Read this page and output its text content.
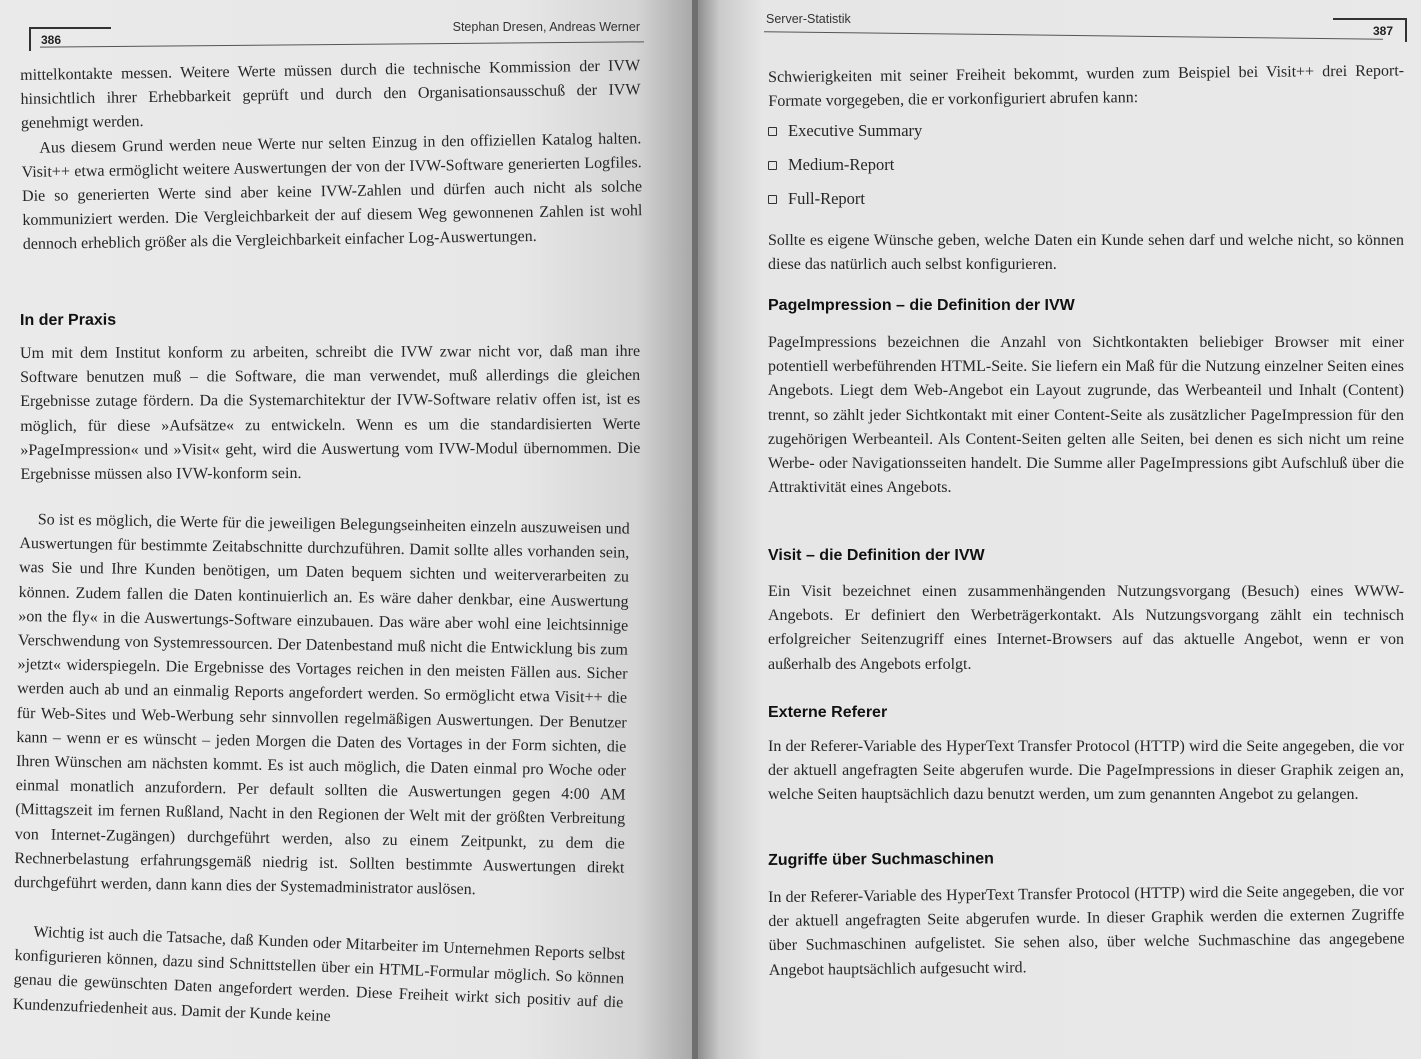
386
Stephan Dresen, Andreas Werner

mittelkontakte messen. Weitere Werte müssen durch die technische Kommission der IVW hinsichtlich ihrer Erhebbarkeit geprüft und durch den Organisationsausschuß der IVW genehmigt werden.

Aus diesem Grund werden neue Werte nur selten Einzug in den offiziellen Katalog halten. Visit++ etwa ermöglicht weitere Auswertungen der von der IVW-Software generierten Logfiles. Die so generierten Werte sind aber keine IVW-Zahlen und dürfen auch nicht als solche kommuniziert werden. Die Vergleichbarkeit der auf diesem Weg gewonnenen Zahlen ist wohl dennoch erheblich größer als die Vergleichbarkeit einfacher Log-Auswertungen.

In der Praxis

Um mit dem Institut konform zu arbeiten, schreibt die IVW zwar nicht vor, daß man ihre Software benutzen muß – die Software, die man verwendet, muß allerdings die gleichen Ergebnisse zutage fördern. Da die Systemarchitektur der IVW-Software relativ offen ist, ist es möglich, für diese »Aufsätze« zu entwickeln. Wenn es um die standardisierten Werte »PageImpression« und »Visit« geht, wird die Auswertung vom IVW-Modul übernommen. Die Ergebnisse müssen also IVW-konform sein.

So ist es möglich, die Werte für die jeweiligen Belegungseinheiten einzeln auszuweisen und Auswertungen für bestimmte Zeitabschnitte durchzuführen. Damit sollte alles vorhanden sein, was Sie und Ihre Kunden benötigen, um Daten bequem sichten und weiterverarbeiten zu können. Zudem fallen die Daten kontinuierlich an. Es wäre daher denkbar, eine Auswertung »on the fly« in die Auswertungs-Software einzubauen. Das wäre aber wohl eine leichtsinnige Verschwendung von Systemressourcen. Der Datenbestand muß nicht die Entwicklung bis zum »jetzt« widerspiegeln. Die Ergebnisse des Vortages reichen in den meisten Fällen aus. Sicher werden auch ab und an einmalig Reports angefordert werden. So ermöglicht etwa Visit++ die für Web-Sites und Web-Werbung sehr sinnvollen regelmäßigen Auswertungen. Der Benutzer kann – wenn er es wünscht – jeden Morgen die Daten des Vortages in der Form sichten, die Ihren Wünschen am nächsten kommt. Es ist auch möglich, die Daten einmal pro Woche oder einmal monatlich anzufordern. Per default sollten die Auswertungen gegen 4:00 AM (Mittagszeit im fernen Rußland, Nacht in den Regionen der Welt mit der größten Verbreitung von Internet-Zugängen) durchgeführt werden, also zu einem Zeitpunkt, zu dem die Rechnerbelastung erfahrungsgemäß niedrig ist. Sollten bestimmte Auswertungen direkt durchgeführt werden, dann kann dies der Systemadministrator auslösen.

Wichtig ist auch die Tatsache, daß Kunden oder Mitarbeiter im Unternehmen Reports selbst konfigurieren können, dazu sind Schnittstellen über ein HTML-Formular möglich. So können genau die gewünschten Daten angefordert werden. Diese Freiheit wirkt sich positiv auf die Kundenzufriedenheit aus. Damit der Kunde keine

Server-Statistik
387

Schwierigkeiten mit seiner Freiheit bekommt, wurden zum Beispiel bei Visit++ drei Report-Formate vorgegeben, die er vorkonfiguriert abrufen kann:

Executive Summary
Medium-Report
Full-Report

Sollte es eigene Wünsche geben, welche Daten ein Kunde sehen darf und welche nicht, so können diese das natürlich auch selbst konfigurieren.

PageImpression – die Definition der IVW

PageImpressions bezeichnen die Anzahl von Sichtkontakten beliebiger Browser mit einer potentiell werbeführenden HTML-Seite. Sie liefern ein Maß für die Nutzung einzelner Seiten eines Angebots. Liegt dem Web-Angebot ein Layout zugrunde, das Werbeanteil und Inhalt (Content) trennt, so zählt jeder Sichtkontakt mit einer Content-Seite als zusätzlicher PageImpression für den zugehörigen Werbeanteil. Als Content-Seiten gelten alle Seiten, bei denen es sich nicht um reine Werbe- oder Navigationsseiten handelt. Die Summe aller PageImpressions gibt Aufschluß über die Attraktivität eines Angebots.

Visit – die Definition der IVW

Ein Visit bezeichnet einen zusammenhängenden Nutzungsvorgang (Besuch) eines WWW-Angebots. Er definiert den Werbeträgerkontakt. Als Nutzungsvorgang zählt ein technisch erfolgreicher Seitenzugriff eines Internet-Browsers auf das aktuelle Angebot, wenn er von außerhalb des Angebots erfolgt.

Externe Referer

In der Referer-Variable des HyperText Transfer Protocol (HTTP) wird die Seite angegeben, die vor der aktuell angefragten Seite abgerufen wurde. Die PageImpressions in dieser Graphik zeigen an, welche Seiten hauptsächlich dazu benutzt werden, um zum genannten Angebot zu gelangen.

Zugriffe über Suchmaschinen

In der Referer-Variable des HyperText Transfer Protocol (HTTP) wird die Seite angegeben, die vor der aktuell angefragten Seite abgerufen wurde. In dieser Graphik werden die externen Zugriffe über Suchmaschinen aufgelistet. Sie sehen also, über welche Suchmaschine das angegebene Angebot hauptsächlich aufgesucht wird.
